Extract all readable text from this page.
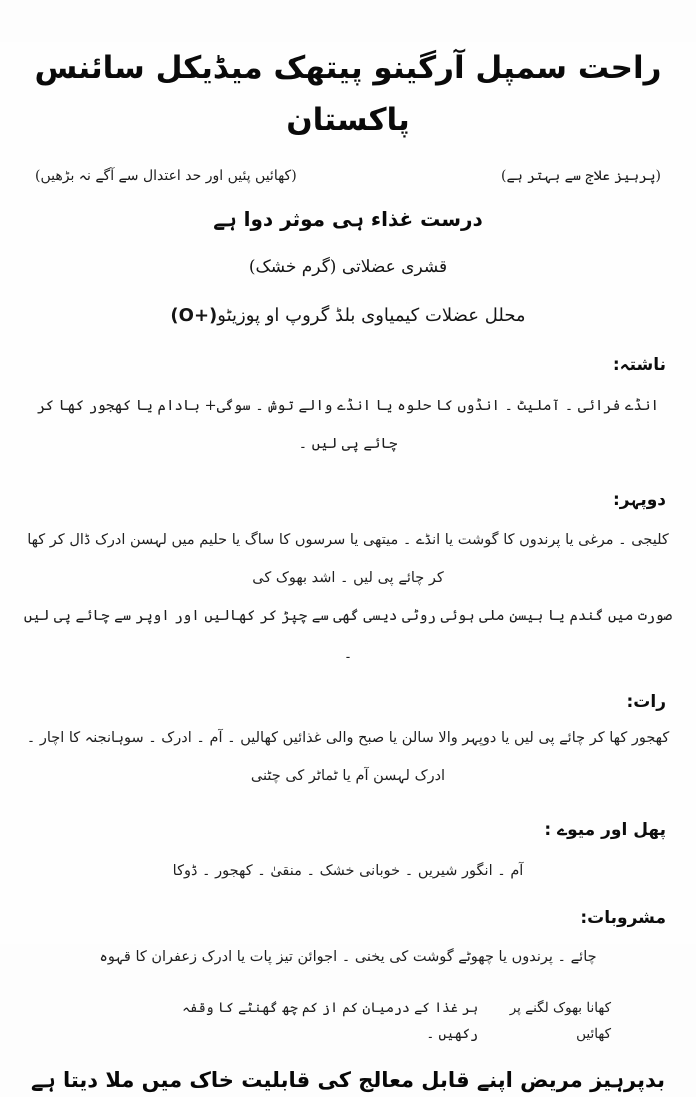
راحت سمپل آرگینو پیتھک میڈیکل سائنس پاکستان
(پرہیز علاج سے بہتر ہے)
(کھائیں پئیں اور حد اعتدال سے آگے نہ بڑھیں)
درست غذاء ہی موثر دوا ہے
قشری عضلاتی (گرم خشک)
محلل عضلات کیمیاوی بلڈ گروپ او پوزیٹو(O+)
ناشتہ:
انڈے فرائی ۔ آملیٹ ۔ انڈوں کا حلوہ یا انڈے والے توش ۔ سوگی+ بادام یا کھجور کھا کر چائے پی لیں ۔
دوپہر:
کلیجی ۔ مرغی یا پرندوں کا گوشت یا انڈے ۔ میتھی یا سرسوں کا ساگ یا حلیم میں لہسن ادرک ڈال کر کھا کر چائے پی لیں ۔ اشد بھوک کی
صورت میں گندم یا بیسن ملی ہوئی روٹی دیسی گھی سے چپڑ کر کھالیں اور اوپر سے چائے پی لیں ۔
رات:
کھجور کھا کر چائے پی لیں یا دوپہر والا سالن یا صبح والی غذائیں کھالیں ۔ آم ۔ ادرک ۔ سوہانجنہ کا اچار ۔ ادرک لہسن آم یا ٹماٹر کی چٹنی
پھل اور میوے :
آم ۔ انگور شیریں ۔ خوبانی خشک ۔ منقیٰ ۔ کھجور ۔ ڈوکا
مشروبات:
چائے ۔ پرندوں یا چھوٹے گوشت کی یخنی ۔ اجوائن تیز پات یا ادرک زعفران کا قہوہ
کھانا بھوک لگنے پر کھائیں
ہر غذا کے درمیان کم از کم چھ گھنٹے کا وقفہ رکھیں ۔
بدپرہیز مریض اپنے قابل معالج کی قابلیت خاک میں ملا دیتا ہے
